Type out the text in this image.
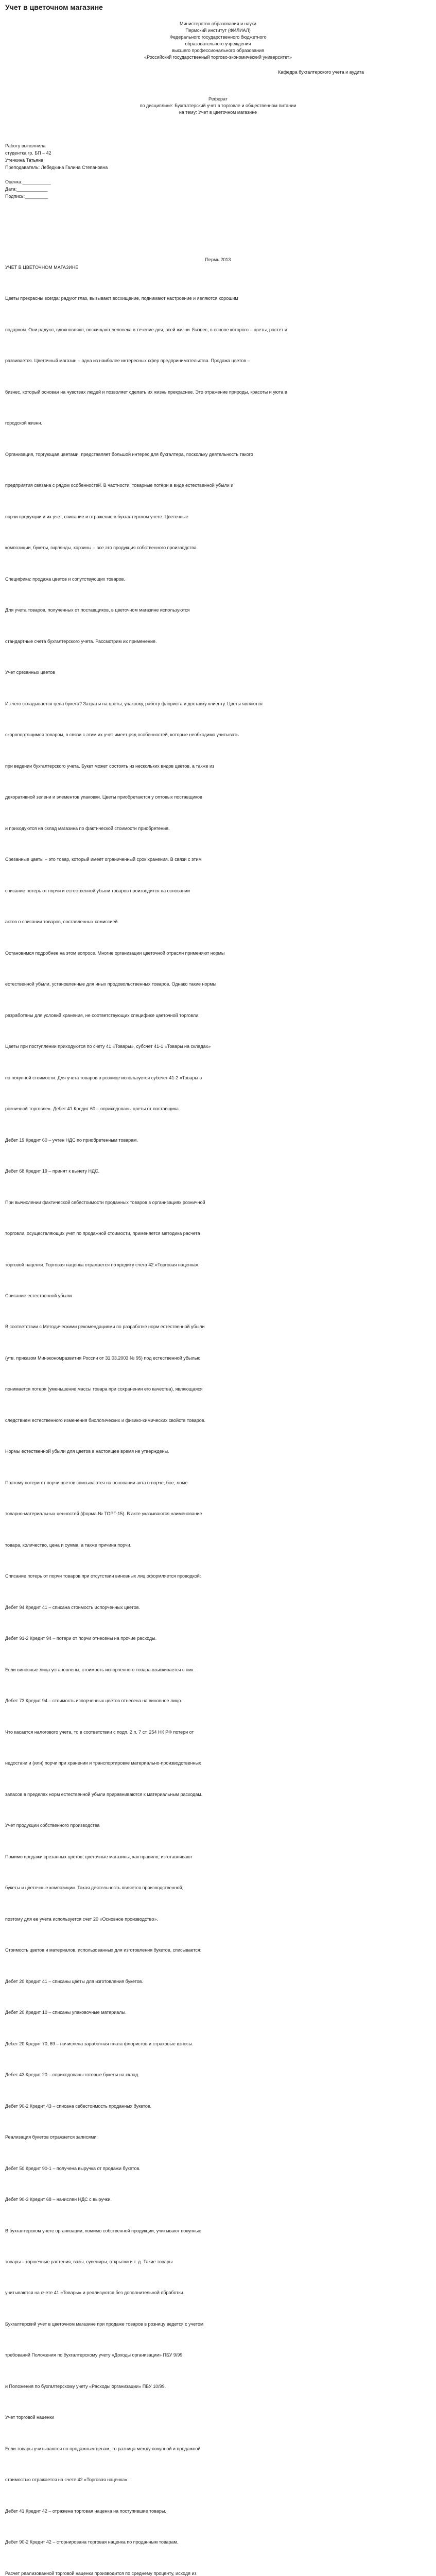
Учет в цветочном магазине
Министерство образования и науки
Пермский институт (ФИЛИАЛ)
Федерального государственного бюджетного
образовательного учреждения
высшего профессионального образования
«Российский государственный торгово-экономический университет»
Кафедра бухгалтерского учета и аудита
Реферат
по дисциплине: Бухгалтерский учет в торговле и общественном питании
на тему: Учет в цветочном магазине
Работу выполнила
студентка гр. БП – 42
Утечкина Татьяна
Преподаватель: Лебедкина Галина Степановна

Оценка:___________
Дата:____________
Подпись:_________
Пермь 2013

УЧЕТ В ЦВЕТОЧНОМ МАГАЗИНЕ

Цветы прекрасны всегда: радуют глаз, вызывают восхищение, поднимают настроение и являются хорошим

подарком. Они радуют, вдохновляют, восхищают человека в течение дня, всей жизни. Бизнес, в основе которого – цветы, растет и

развивается. Цветочный магазин – одна из наиболее интересных сфер предпринимательства. Продажа цветов –

бизнес, который основан на чувствах людей и позволяет сделать их жизнь прекраснее. Это отражение природы, красоты и уюта в

городской жизни.

Организация, торгующая цветами, представляет большой интерес для бухгалтера, поскольку деятельность такого

предприятия связана с рядом особенностей. В частности, товарные потери в виде естественной убыли и

порчи продукции и их учет, списание и отражение в бухгалтерском учете. Цветочные

композиции, букеты, гирлянды, корзины – все это продукция собственного производства.

Специфика: продажа цветов и сопутствующих товаров.

Для учета товаров, полученных от поставщиков, в цветочном магазине используются

стандартные счета бухгалтерского учета. Рассмотрим их применение.

Учет срезанных цветов

Из чего складывается цена букета? Затраты на цветы, упаковку, работу флориста и доставку клиенту. Цветы являются

скоропортящимся товаром, в связи с этим их учет имеет ряд особенностей, которые необходимо учитывать

при ведении бухгалтерского учета. Букет может состоять из нескольких видов цветов, а также из

декоративной зелени и элементов упаковки. Цветы приобретаются у оптовых поставщиков

и приходуются на склад магазина по фактической стоимости приобретения.

Срезанные цветы – это товар, который имеет ограниченный срок хранения. В связи с этим

списание потерь от порчи и естественной убыли товаров производится на основании

актов о списании товаров, составленных комиссией.

Остановимся подробнее на этом вопросе. Многие организации цветочной отрасли применяют нормы

естественной убыли, установленные для иных продовольственных товаров. Однако такие нормы

разработаны для условий хранения, не соответствующих специфике цветочной торговли.

Цветы при поступлении приходуются по счету 41 «Товары», субсчет 41-1 «Товары на складах»

по покупной стоимости. Для учета товаров в рознице используется субсчет 41-2 «Товары в

розничной торговле». Дебет 41 Кредит 60 – оприходованы цветы от поставщика.

Дебет 19 Кредит 60 – учтен НДС по приобретенным товарам.

Дебет 68 Кредит 19 – принят к вычету НДС.

При вычислении фактической себестоимости проданных товаров в организациях розничной

торговли, осуществляющих учет по продажной стоимости, применяется методика расчета

торговой наценки. Торговая наценка отражается по кредиту счета 42 «Торговая наценка».

Списание естественной убыли

В соответствии с Методическими рекомендациями по разработке норм естественной убыли

(утв. приказом Минэкономразвития России от 31.03.2003 № 95) под естественной убылью

понимается потеря (уменьшение массы товара при сохранении его качества), являющаяся

следствием естественного изменения биологических и физико-химических свойств товаров.

Нормы естественной убыли для цветов в настоящее время не утверждены.

Поэтому потери от порчи цветов списываются на основании акта о порче, бое, ломе

товарно-материальных ценностей (форма № ТОРГ-15). В акте указываются наименование

товара, количество, цена и сумма, а также причина порчи.

Списание потерь от порчи товаров при отсутствии виновных лиц оформляется проводкой:

Дебет 94 Кредит 41 – списана стоимость испорченных цветов.

Дебет 91-2 Кредит 94 – потери от порчи отнесены на прочие расходы.

Если виновные лица установлены, стоимость испорченного товара взыскивается с них:

Дебет 73 Кредит 94 – стоимость испорченных цветов отнесена на виновное лицо.

Что касается налогового учета, то в соответствии с подп. 2 п. 7 ст. 254 НК РФ потери от

недостачи и (или) порчи при хранении и транспортировке материально-производственных

запасов в пределах норм естественной убыли приравниваются к материальным расходам.

Учет продукции собственного производства

Помимо продажи срезанных цветов, цветочные магазины, как правило, изготавливают

букеты и цветочные композиции. Такая деятельность является производственной,

поэтому для ее учета используется счет 20 «Основное производство».

Стоимость цветов и материалов, использованных для изготовления букетов, списывается:

Дебет 20 Кредит 41 – списаны цветы для изготовления букетов.

Дебет 20 Кредит 10 – списаны упаковочные материалы.

Дебет 20 Кредит 70, 69 – начислена заработная плата флористов и страховые взносы.

Дебет 43 Кредит 20 – оприходованы готовые букеты на склад.

Дебет 90-2 Кредит 43 – списана себестоимость проданных букетов.

Реализация букетов отражается записями:

Дебет 50 Кредит 90-1 – получена выручка от продажи букетов.

Дебет 90-3 Кредит 68 – начислен НДС с выручки.

В бухгалтерском учете организации, помимо собственной продукции, учитывают покупные

товары – горшечные растения, вазы, сувениры, открытки и т. д. Такие товары

учитываются на счете 41 «Товары» и реализуются без дополнительной обработки.

Бухгалтерский учет в цветочном магазине при продаже товаров в розницу ведется с учетом

требований Положения по бухгалтерскому учету «Доходы организации» ПБУ 9/99

и Положения по бухгалтерскому учету «Расходы организации» ПБУ 10/99.

Учет торговой наценки

Если товары учитываются по продажным ценам, то разница между покупной и продажной

стоимостью отражается на счете 42 «Торговая наценка»:

Дебет 41 Кредит 42 – отражена торговая наценка на поступившие товары.

Дебет 90-2 Кредит 42 – сторнирована торговая наценка по проданным товарам.

Расчет реализованной торговой наценки производится по среднему проценту, исходя из
